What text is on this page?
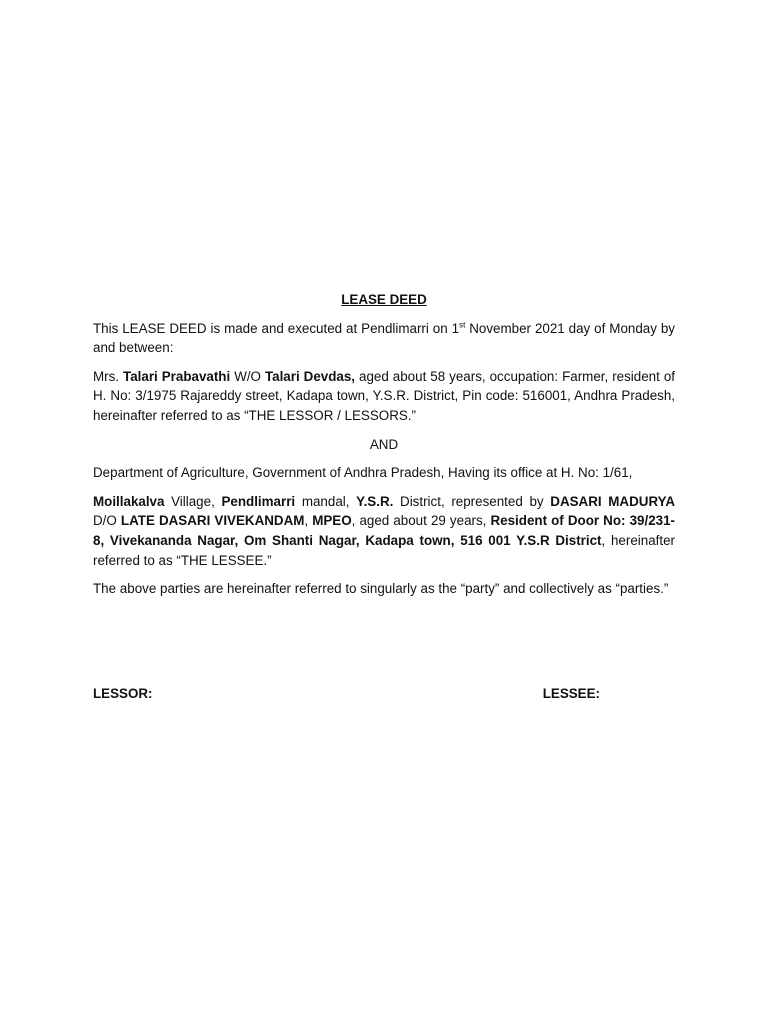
LEASE DEED

This LEASE DEED is made and executed at Pendlimarri on 1st November 2021 day of Monday by and between:

Mrs. Talari Prabavathi W/O Talari Devdas, aged about 58 years, occupation: Farmer, resident of H. No: 3/1975 Rajareddy street, Kadapa town, Y.S.R. District, Pin code: 516001, Andhra Pradesh, hereinafter referred to as “THE LESSOR / LESSORS.”

AND

Department of Agriculture, Government of Andhra Pradesh, Having its office at H. No: 1/61,

Moillakalva Village, Pendlimarri mandal, Y.S.R. District, represented by DASARI MADURYA D/O LATE DASARI VIVEKANDAM, MPEO, aged about 29 years, Resident of Door No: 39/231-8, Vivekananda Nagar, Om Shanti Nagar, Kadapa town, 516 001 Y.S.R District, hereinafter referred to as “THE LESSEE.”

The above parties are hereinafter referred to singularly as the “party” and collectively as “parties.”

LESSOR:	LESSEE:
